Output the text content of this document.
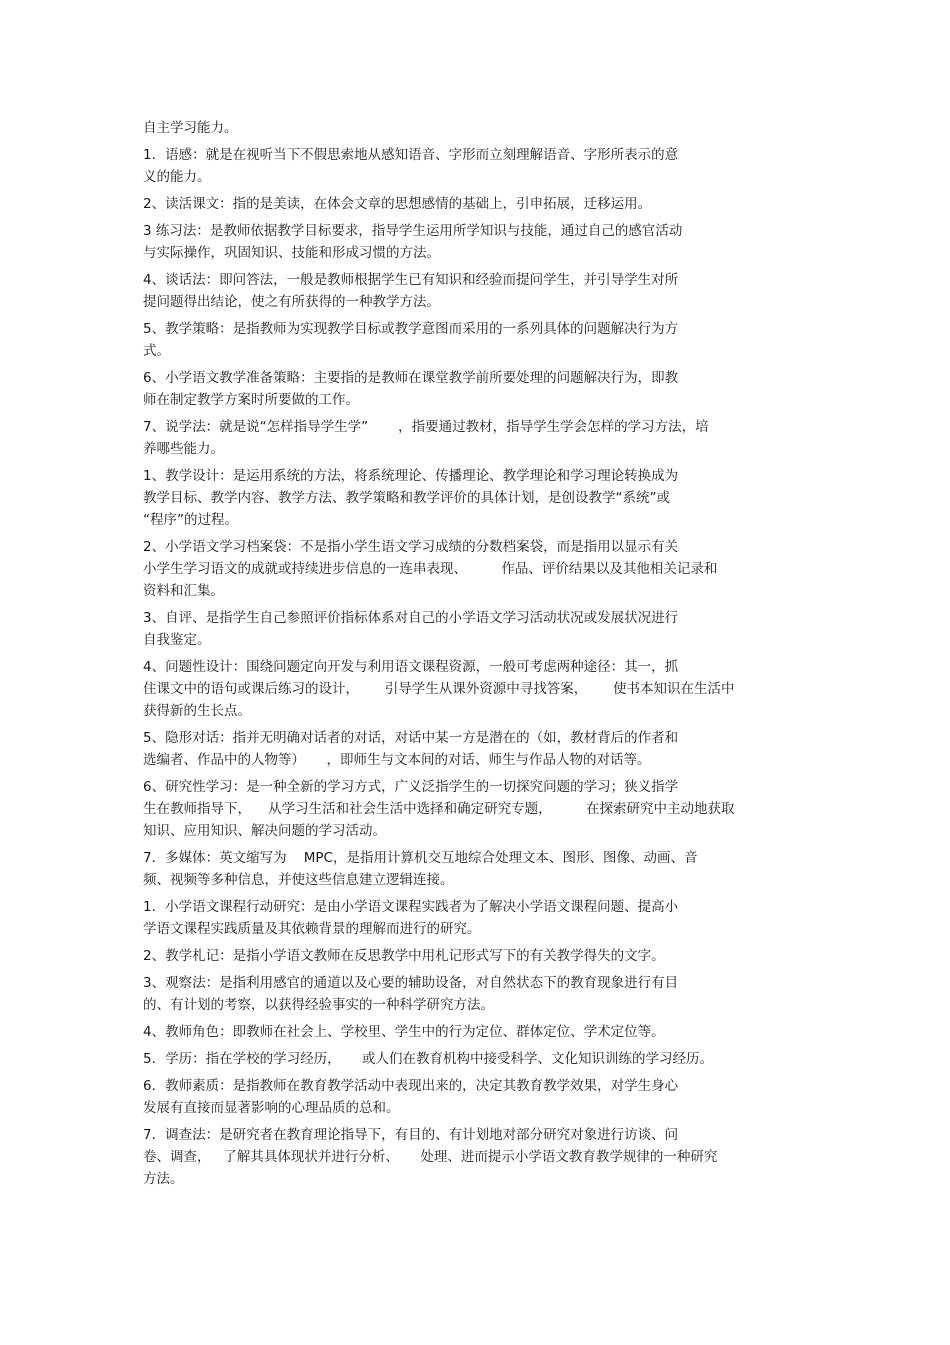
自主学习能力。
1．语感：就是在视听当下不假思索地从感知语音、字形而立刻理解语音、字形所表示的意
义的能力。
2、读活课文：指的是美读，在体会文章的思想感情的基础上，引申拓展，迁移运用。
3 练习法：是教师依据教学目标要求，指导学生运用所学知识与技能，通过自己的感官活动
与实际操作，巩固知识、技能和形成习惯的方法。
4、谈话法：即问答法，一般是教师根据学生已有知识和经验而提问学生，并引导学生对所
提问题得出结论，使之有所获得的一种教学方法。
5、教学策略：是指教师为实现教学目标或教学意图而采用的一系列具体的问题解决行为方
式。
6、小学语文教学准备策略：主要指的是教师在课堂教学前所要处理的问题解决行为，即教
师在制定教学方案时所要做的工作。
7、说学法：就是说“怎样指导学生学”       ，指要通过教材，指导学生学会怎样的学习方法，培
养哪些能力。
1、教学设计：是运用系统的方法，将系统理论、传播理论、教学理论和学习理论转换成为
教学目标、教学内容、教学方法、教学策略和教学评价的具体计划，是创设教学“系统”或
“程序”的过程。
2、小学语文学习档案袋：不是指小学生语文学习成绩的分数档案袋，而是指用以显示有关
小学生学习语文的成就或持续进步信息的一连串表现、        作品、评价结果以及其他相关记录和
资料和汇集。
3、自评、是指学生自己参照评价指标体系对自己的小学语文学习活动状况或发展状况进行
自我鉴定。
4、问题性设计：围绕问题定向开发与利用语文课程资源，一般可考虑两种途径：其一，抓
住课文中的语句或课后练习的设计，      引导学生从课外资源中寻找答案，      使书本知识在生活中
获得新的生长点。
5、隐形对话：指并无明确对话者的对话，对话中某一方是潜在的（如，教材背后的作者和
选编者、作品中的人物等）     ，即师生与文本间的对话、师生与作品人物的对话等。
6、研究性学习：是一种全新的学习方式，广义泛指学生的一切探究问题的学习；狭义指学
生在教师指导下，    从学习生活和社会生活中选择和确定研究专题，        在探索研究中主动地获取
知识、应用知识、解决问题的学习活动。
7．多媒体：英文缩写为    MPC，是指用计算机交互地综合处理文本、图形、图像、动画、音
频、视频等多种信息，并使这些信息建立逻辑连接。
1．小学语文课程行动研究：是由小学语文课程实践者为了解决小学语文课程问题、提高小
学语文课程实践质量及其依赖背景的理解而进行的研究。
2、教学札记：是指小学语文教师在反思教学中用札记形式写下的有关教学得失的文字。
3、观察法：是指利用感官的通道以及心要的辅助设备，对自然状态下的教育现象进行有目
的、有计划的考察，以获得经验事实的一种科学研究方法。
4、教师角色：即教师在社会上、学校里、学生中的行为定位、群体定位、学术定位等。
5．学历：指在学校的学习经历，     或人们在教育机构中接受科学、文化知识训练的学习经历。
6．教师素质：是指教师在教育教学活动中表现出来的，决定其教育教学效果，对学生身心
发展有直接而显著影响的心理品质的总和。
7．调查法：是研究者在教育理论指导下，有目的、有计划地对部分研究对象进行访谈、问
卷、调查，   了解其具体现状并进行分析、     处理、进而提示小学语文教育教学规律的一种研究
方法。
